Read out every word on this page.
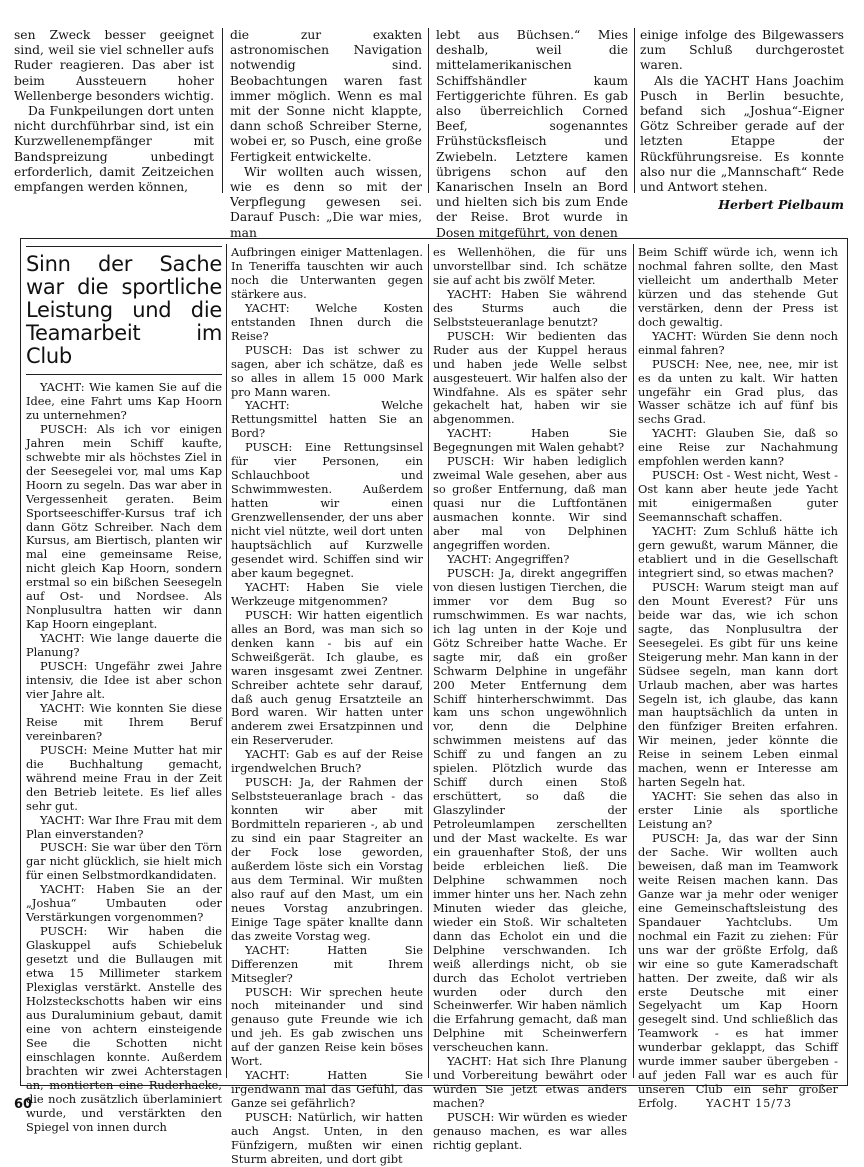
sen Zweck besser geeignet sind, weil sie viel schneller aufs Ruder reagieren. Das aber ist beim Aussteuern hoher Wellenberge besonders wichtig.

Da Funkpeilungen dort unten nicht durchführbar sind, ist ein Kurzwellenempfänger mit Bandspreizung unbedingt erforderlich, damit Zeitzeichen empfangen werden können,

die zur exakten astronomischen Navigation notwendig sind. Beobachtungen waren fast immer möglich. Wenn es mal mit der Sonne nicht klappte, dann schoß Schreiber Sterne, wobei er, so Pusch, eine große Fertigkeit entwickelte.

Wir wollten auch wissen, wie es denn so mit der Verpflegung gewesen sei. Darauf Pusch: „Die war mies, man

lebt aus Büchsen.“ Mies deshalb, weil die mittelamerikanischen Schiffshändler kaum Fertiggerichte führen. Es gab also überreichlich Corned Beef, sogenanntes Frühstücksfleisch und Zwiebeln. Letztere kamen übrigens schon auf den Kanarischen Inseln an Bord und hielten sich bis zum Ende der Reise. Brot wurde in Dosen mitgeführt, von denen

einige infolge des Bilgewassers zum Schluß durchgerostet waren.

Als die YACHT Hans Joachim Pusch in Berlin besuchte, befand sich „Joshua“-Eigner Götz Schreiber gerade auf der letzten Etappe der Rückführungsreise. Es konnte also nur die „Mannschaft“ Rede und Antwort stehen.

Herbert Pielbaum
Sinn der Sache war die sportliche Leistung und die Teamarbeit im Club

YACHT: Wie kamen Sie auf die Idee, eine Fahrt ums Kap Hoorn zu unternehmen?

PUSCH: Als ich vor einigen Jahren mein Schiff kaufte, schwebte mir als höchstes Ziel in der Seesegelei vor, mal ums Kap Hoorn zu segeln. Das war aber in Vergessenheit geraten. Beim Sportseeschiffer-Kursus traf ich dann Götz Schreiber. Nach dem Kursus, am Biertisch, planten wir mal eine gemeinsame Reise, nicht gleich Kap Hoorn, sondern erstmal so ein bißchen Seesegeln auf Ost- und Nordsee. Als Nonplusultra hatten wir dann Kap Hoorn eingeplant.

YACHT: Wie lange dauerte die Planung?

PUSCH: Ungefähr zwei Jahre intensiv, die Idee ist aber schon vier Jahre alt.

YACHT: Wie konnten Sie diese Reise mit Ihrem Beruf vereinbaren?

PUSCH: Meine Mutter hat mir die Buchhaltung gemacht, während meine Frau in der Zeit den Betrieb leitete. Es lief alles sehr gut.

YACHT: War Ihre Frau mit dem Plan einverstanden?

PUSCH: Sie war über den Törn gar nicht glücklich, sie hielt mich für einen Selbstmordkandidaten.

YACHT: Haben Sie an der „Joshua“ Umbauten oder Verstärkungen vorgenommen?

PUSCH: Wir haben die Glaskuppel aufs Schiebeluk gesetzt und die Bullaugen mit etwa 15 Millimeter starkem Plexiglas verstärkt. Anstelle des Holzsteckschotts haben wir eins aus Duraluminium gebaut, damit eine von achtern einsteigende See die Schotten nicht einschlagen konnte. Außerdem brachten wir zwei Achterstagen an, montierten eine Ruderhacke, die noch zusätzlich überlaminiert wurde, und verstärkten den Spiegel von innen durch

Aufbringen einiger Mattenlagen. In Teneriffa tauschten wir auch noch die Unterwanten gegen stärkere aus.

YACHT: Welche Kosten entstanden Ihnen durch die Reise?

PUSCH: Das ist schwer zu sagen, aber ich schätze, daß es so alles in allem 15 000 Mark pro Mann waren.

YACHT: Welche Rettungsmittel hatten Sie an Bord?

PUSCH: Eine Rettungsinsel für vier Personen, ein Schlauchboot und Schwimmwesten. Außerdem hatten wir einen Grenzwellensender, der uns aber nicht viel nützte, weil dort unten hauptsächlich auf Kurzwelle gesendet wird. Schiffen sind wir aber kaum begegnet.

YACHT: Haben Sie viele Werkzeuge mitgenommen?

PUSCH: Wir hatten eigentlich alles an Bord, was man sich so denken kann - bis auf ein Schweißgerät. Ich glaube, es waren insgesamt zwei Zentner. Schreiber achtete sehr darauf, daß auch genug Ersatzteile an Bord waren. Wir hatten unter anderem zwei Ersatzpinnen und ein Reserveruder.

YACHT: Gab es auf der Reise irgendwelchen Bruch?

PUSCH: Ja, der Rahmen der Selbststeueranlage brach - das konnten wir aber mit Bordmitteln reparieren -, ab und zu sind ein paar Stagreiter an der Fock lose geworden, außerdem löste sich ein Vorstag aus dem Terminal. Wir mußten also rauf auf den Mast, um ein neues Vorstag anzubringen. Einige Tage später knallte dann das zweite Vorstag weg.

YACHT: Hatten Sie Differenzen mit Ihrem Mitsegler?

PUSCH: Wir sprechen heute noch miteinander und sind genauso gute Freunde wie ich und jeh. Es gab zwischen uns auf der ganzen Reise kein böses Wort.

YACHT: Hatten Sie irgendwann mal das Gefühl, das Ganze sei gefährlich?

PUSCH: Natürlich, wir hatten auch Angst. Unten, in den Fünfzigern, mußten wir einen Sturm abreiten, und dort gibt

es Wellenhöhen, die für uns unvorstellbar sind. Ich schätze sie auf acht bis zwölf Meter.

YACHT: Haben Sie während des Sturms auch die Selbststeueranlage benutzt?

PUSCH: Wir bedienten das Ruder aus der Kuppel heraus und haben jede Welle selbst ausgesteuert. Wir halfen also der Windfahne. Als es später sehr gekachelt hat, haben wir sie abgenommen.

YACHT: Haben Sie Begegnungen mit Walen gehabt?

PUSCH: Wir haben lediglich zweimal Wale gesehen, aber aus so großer Entfernung, daß man quasi nur die Luftfontänen ausmachen konnte. Wir sind aber mal von Delphinen angegriffen worden.

YACHT: Angegriffen?

PUSCH: Ja, direkt angegriffen von diesen lustigen Tierchen, die immer vor dem Bug so rumschwimmen. Es war nachts, ich lag unten in der Koje und Götz Schreiber hatte Wache. Er sagte mir, daß ein großer Schwarm Delphine in ungefähr 200 Meter Entfernung dem Schiff hinterherschwimmt. Das kam uns schon ungewöhnlich vor, denn die Delphine schwimmen meistens auf das Schiff zu und fangen an zu spielen. Plötzlich wurde das Schiff durch einen Stoß erschüttert, so daß die Glaszylinder der Petroleumlampen zerschellten und der Mast wackelte. Es war ein grauenhafter Stoß, der uns beide erbleichen ließ. Die Delphine schwammen noch immer hinter uns her. Nach zehn Minuten wieder das gleiche, wieder ein Stoß. Wir schalteten dann das Echolot ein und die Delphine verschwanden. Ich weiß allerdings nicht, ob sie durch das Echolot vertrieben wurden oder durch den Scheinwerfer. Wir haben nämlich die Erfahrung gemacht, daß man Delphine mit Scheinwerfern verscheuchen kann.

YACHT: Hat sich Ihre Planung und Vorbereitung bewährt oder würden Sie jetzt etwas anders machen?

PUSCH: Wir würden es wieder genauso machen, es war alles richtig geplant.

Beim Schiff würde ich, wenn ich nochmal fahren sollte, den Mast vielleicht um anderthalb Meter kürzen und das stehende Gut verstärken, denn der Press ist doch gewaltig.

YACHT: Würden Sie denn noch einmal fahren?

PUSCH: Nee, nee, nee, mir ist es da unten zu kalt. Wir hatten ungefähr ein Grad plus, das Wasser schätze ich auf fünf bis sechs Grad.

YACHT: Glauben Sie, daß so eine Reise zur Nachahmung empfohlen werden kann?

PUSCH: Ost - West nicht, West - Ost kann aber heute jede Yacht mit einigermaßen guter Seemannschaft schaffen.

YACHT: Zum Schluß hätte ich gern gewußt, warum Männer, die etabliert und in die Gesellschaft integriert sind, so etwas machen?

PUSCH: Warum steigt man auf den Mount Everest? Für uns beide war das, wie ich schon sagte, das Nonplusultra der Seesegelei. Es gibt für uns keine Steigerung mehr. Man kann in der Südsee segeln, man kann dort Urlaub machen, aber was hartes Segeln ist, ich glaube, das kann man hauptsächlich da unten in den fünfziger Breiten erfahren. Wir meinen, jeder könnte die Reise in seinem Leben einmal machen, wenn er Interesse am harten Segeln hat.

YACHT: Sie sehen das also in erster Linie als sportliche Leistung an?

PUSCH: Ja, das war der Sinn der Sache. Wir wollten auch beweisen, daß man im Teamwork weite Reisen machen kann. Das Ganze war ja mehr oder weniger eine Gemeinschaftsleistung des Spandauer Yachtclubs. Um nochmal ein Fazit zu ziehen: Für uns war der größte Erfolg, daß wir eine so gute Kameradschaft hatten. Der zweite, daß wir als erste Deutsche mit einer Segelyacht um Kap Hoorn gesegelt sind. Und schließlich das Teamwork - es hat immer wunderbar geklappt, das Schiff wurde immer sauber übergeben - auf jeden Fall war es auch für unseren Club ein sehr großer Erfolg.

60	YACHT 15/73
